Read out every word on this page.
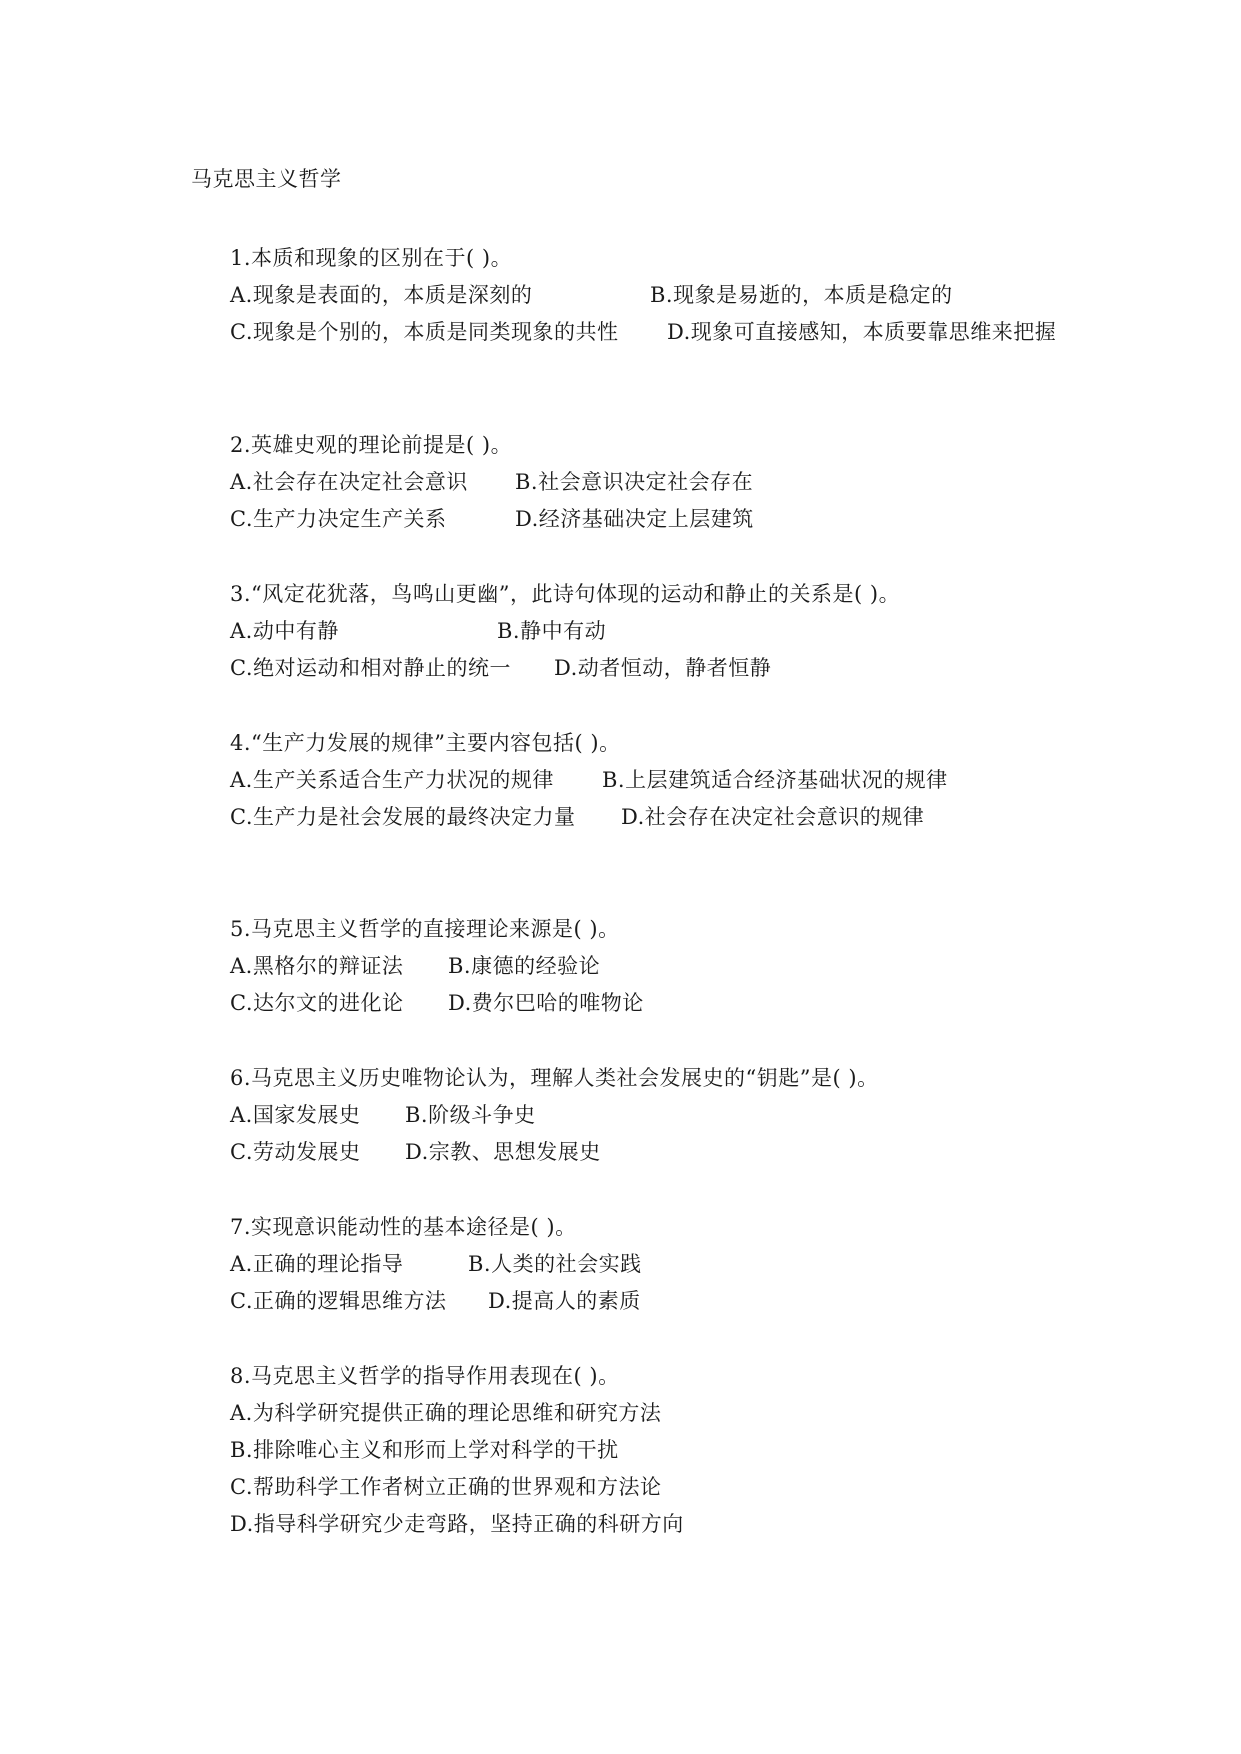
马克思主义哲学
1.本质和现象的区别在于( )。
A.现象是表面的，本质是深刻的	B.现象是易逝的，本质是稳定的
C.现象是个别的，本质是同类现象的共性 D.现象可直接感知，本质要靠思维来把握
2.英雄史观的理论前提是( )。
A.社会存在决定社会意识 B.社会意识决定社会存在
C.生产力决定生产关系	D.经济基础决定上层建筑
3.“风定花犹落，鸟鸣山更幽”，此诗句体现的运动和静止的关系是( )。
A.动中有静	B.静中有动
C.绝对运动和相对静止的统一 D.动者恒动，静者恒静
4.“生产力发展的规律”主要内容包括( )。
A.生产关系适合生产力状况的规律 B.上层建筑适合经济基础状况的规律
C.生产力是社会发展的最终决定力量 D.社会存在决定社会意识的规律
5.马克思主义哲学的直接理论来源是( )。
A.黑格尔的辩证法 B.康德的经验论
C.达尔文的进化论 D.费尔巴哈的唯物论
6.马克思主义历史唯物论认为，理解人类社会发展史的“钥匙”是( )。
A.国家发展史 B.阶级斗争史
C.劳动发展史 D.宗教、思想发展史
7.实现意识能动性的基本途径是( )。
A.正确的理论指导	B.人类的社会实践
C.正确的逻辑思维方法 D.提高人的素质
8.马克思主义哲学的指导作用表现在( )。
A.为科学研究提供正确的理论思维和研究方法
B.排除唯心主义和形而上学对科学的干扰
C.帮助科学工作者树立正确的世界观和方法论
D.指导科学研究少走弯路，坚持正确的科研方向
